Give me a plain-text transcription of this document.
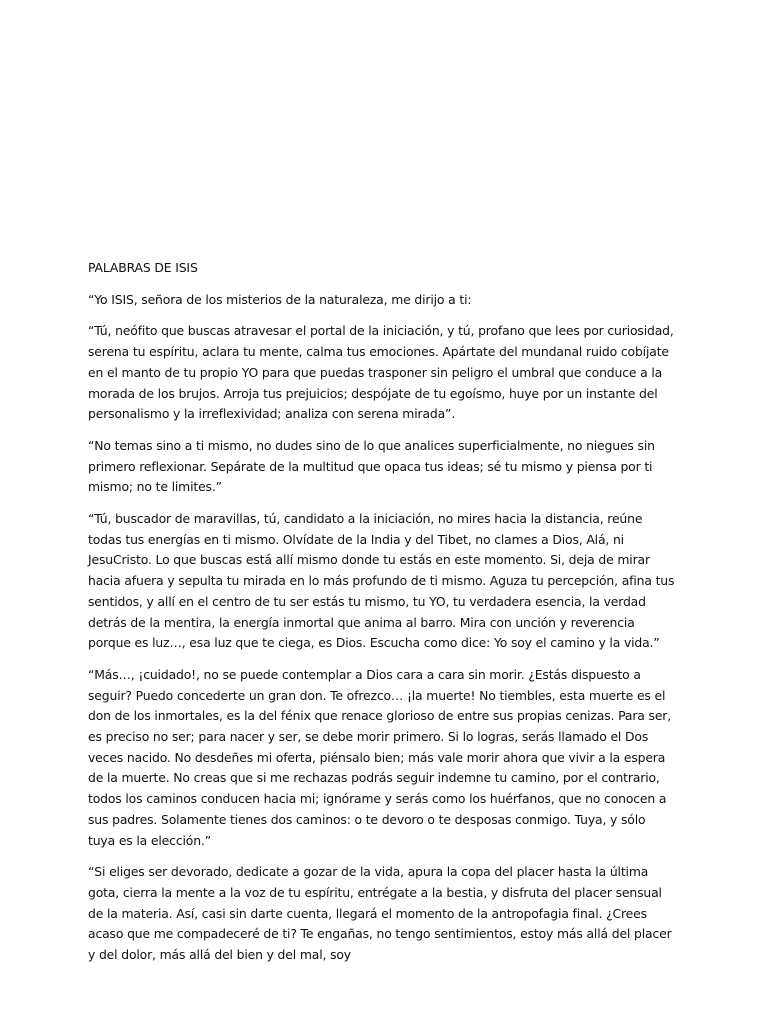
PALABRAS DE ISIS

“Yo ISIS, señora de los misterios de la naturaleza, me dirijo a ti:

“Tú, neófito que buscas atravesar el portal de la iniciación, y tú, profano que lees por curiosidad, serena tu espíritu, aclara tu mente, calma tus emociones. Apártate del mundanal ruido cobíjate en el manto de tu propio YO para que puedas trasponer sin peligro el umbral que conduce a la morada de los brujos. Arroja tus prejuicios; despójate de tu egoísmo, huye por un instante del personalismo y la irreflexividad; analiza con serena mirada”.

“No temas sino a ti mismo, no dudes sino de lo que analices superficialmente, no niegues sin primero reflexionar. Sepárate de la multitud que opaca tus ideas; sé tu mismo y piensa por ti mismo; no te limites.”

“Tú, buscador de maravillas, tú, candidato a la iniciación, no mires hacia la distancia, reúne todas tus energías en ti mismo. Olvídate de la India y del Tibet, no clames a Dios, Alá, ni JesuCristo. Lo que buscas está allí mismo donde tu estás en este momento. Si, deja de mirar hacia afuera y sepulta tu mirada en lo más profundo de ti mismo. Aguza tu percepción, afina tus sentidos, y allí en el centro de tu ser estás tu mismo, tu YO, tu verdadera esencia, la verdad detrás de la mentira, la energía inmortal que anima al barro. Mira con unción y reverencia porque es luz…, esa luz que te ciega, es Dios. Escucha como dice: Yo soy el camino y la vida.”

“Más…, ¡cuidado!, no se puede contemplar a Dios cara a cara sin morir. ¿Estás dispuesto a seguir? Puedo concederte un gran don. Te ofrezco… ¡la muerte! No tiembles, esta muerte es el don de los inmortales, es la del fénix que renace glorioso de entre sus propias cenizas. Para ser, es preciso no ser; para nacer y ser, se debe morir primero. Si lo logras, serás llamado el Dos veces nacido. No desdeñes mi oferta, piénsalo bien; más vale morir ahora que vivir a la espera de la muerte. No creas que si me rechazas podrás seguir indemne tu camino, por el contrario, todos los caminos conducen hacia mi; ignórame y serás como los huérfanos, que no conocen a sus padres. Solamente tienes dos caminos: o te devoro o te desposas conmigo. Tuya, y sólo tuya es la elección.”

“Si eliges ser devorado, dedicate a gozar de la vida, apura la copa del placer hasta la última gota, cierra la mente a la voz de tu espíritu, entrégate a la bestia, y disfruta del placer sensual de la materia. Así, casi sin darte cuenta, llegará el momento de la antropofagia final. ¿Crees acaso que me compadeceré de ti? Te engañas, no tengo sentimientos, estoy más allá del placer y del dolor, más allá del bien y del mal, soy
